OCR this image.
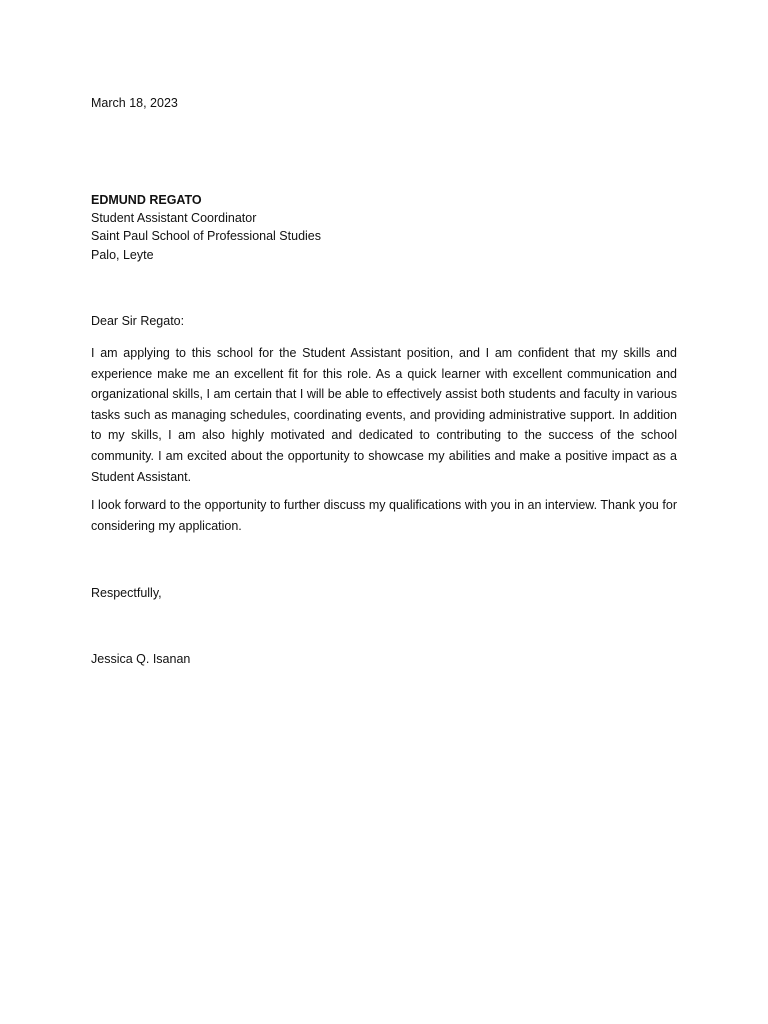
March 18, 2023
EDMUND REGATO
Student Assistant Coordinator
Saint Paul School of Professional Studies
Palo, Leyte
Dear Sir Regato:

I am applying to this school for the Student Assistant position, and I am confident that my skills and experience make me an excellent fit for this role. As a quick learner with excellent communication and organizational skills, I am certain that I will be able to effectively assist both students and faculty in various tasks such as managing schedules, coordinating events, and providing administrative support. In addition to my skills, I am also highly motivated and dedicated to contributing to the success of the school community. I am excited about the opportunity to showcase my abilities and make a positive impact as a Student Assistant.

I look forward to the opportunity to further discuss my qualifications with you in an interview. Thank you for considering my application.

Respectfully,
Jessica Q. Isanan
